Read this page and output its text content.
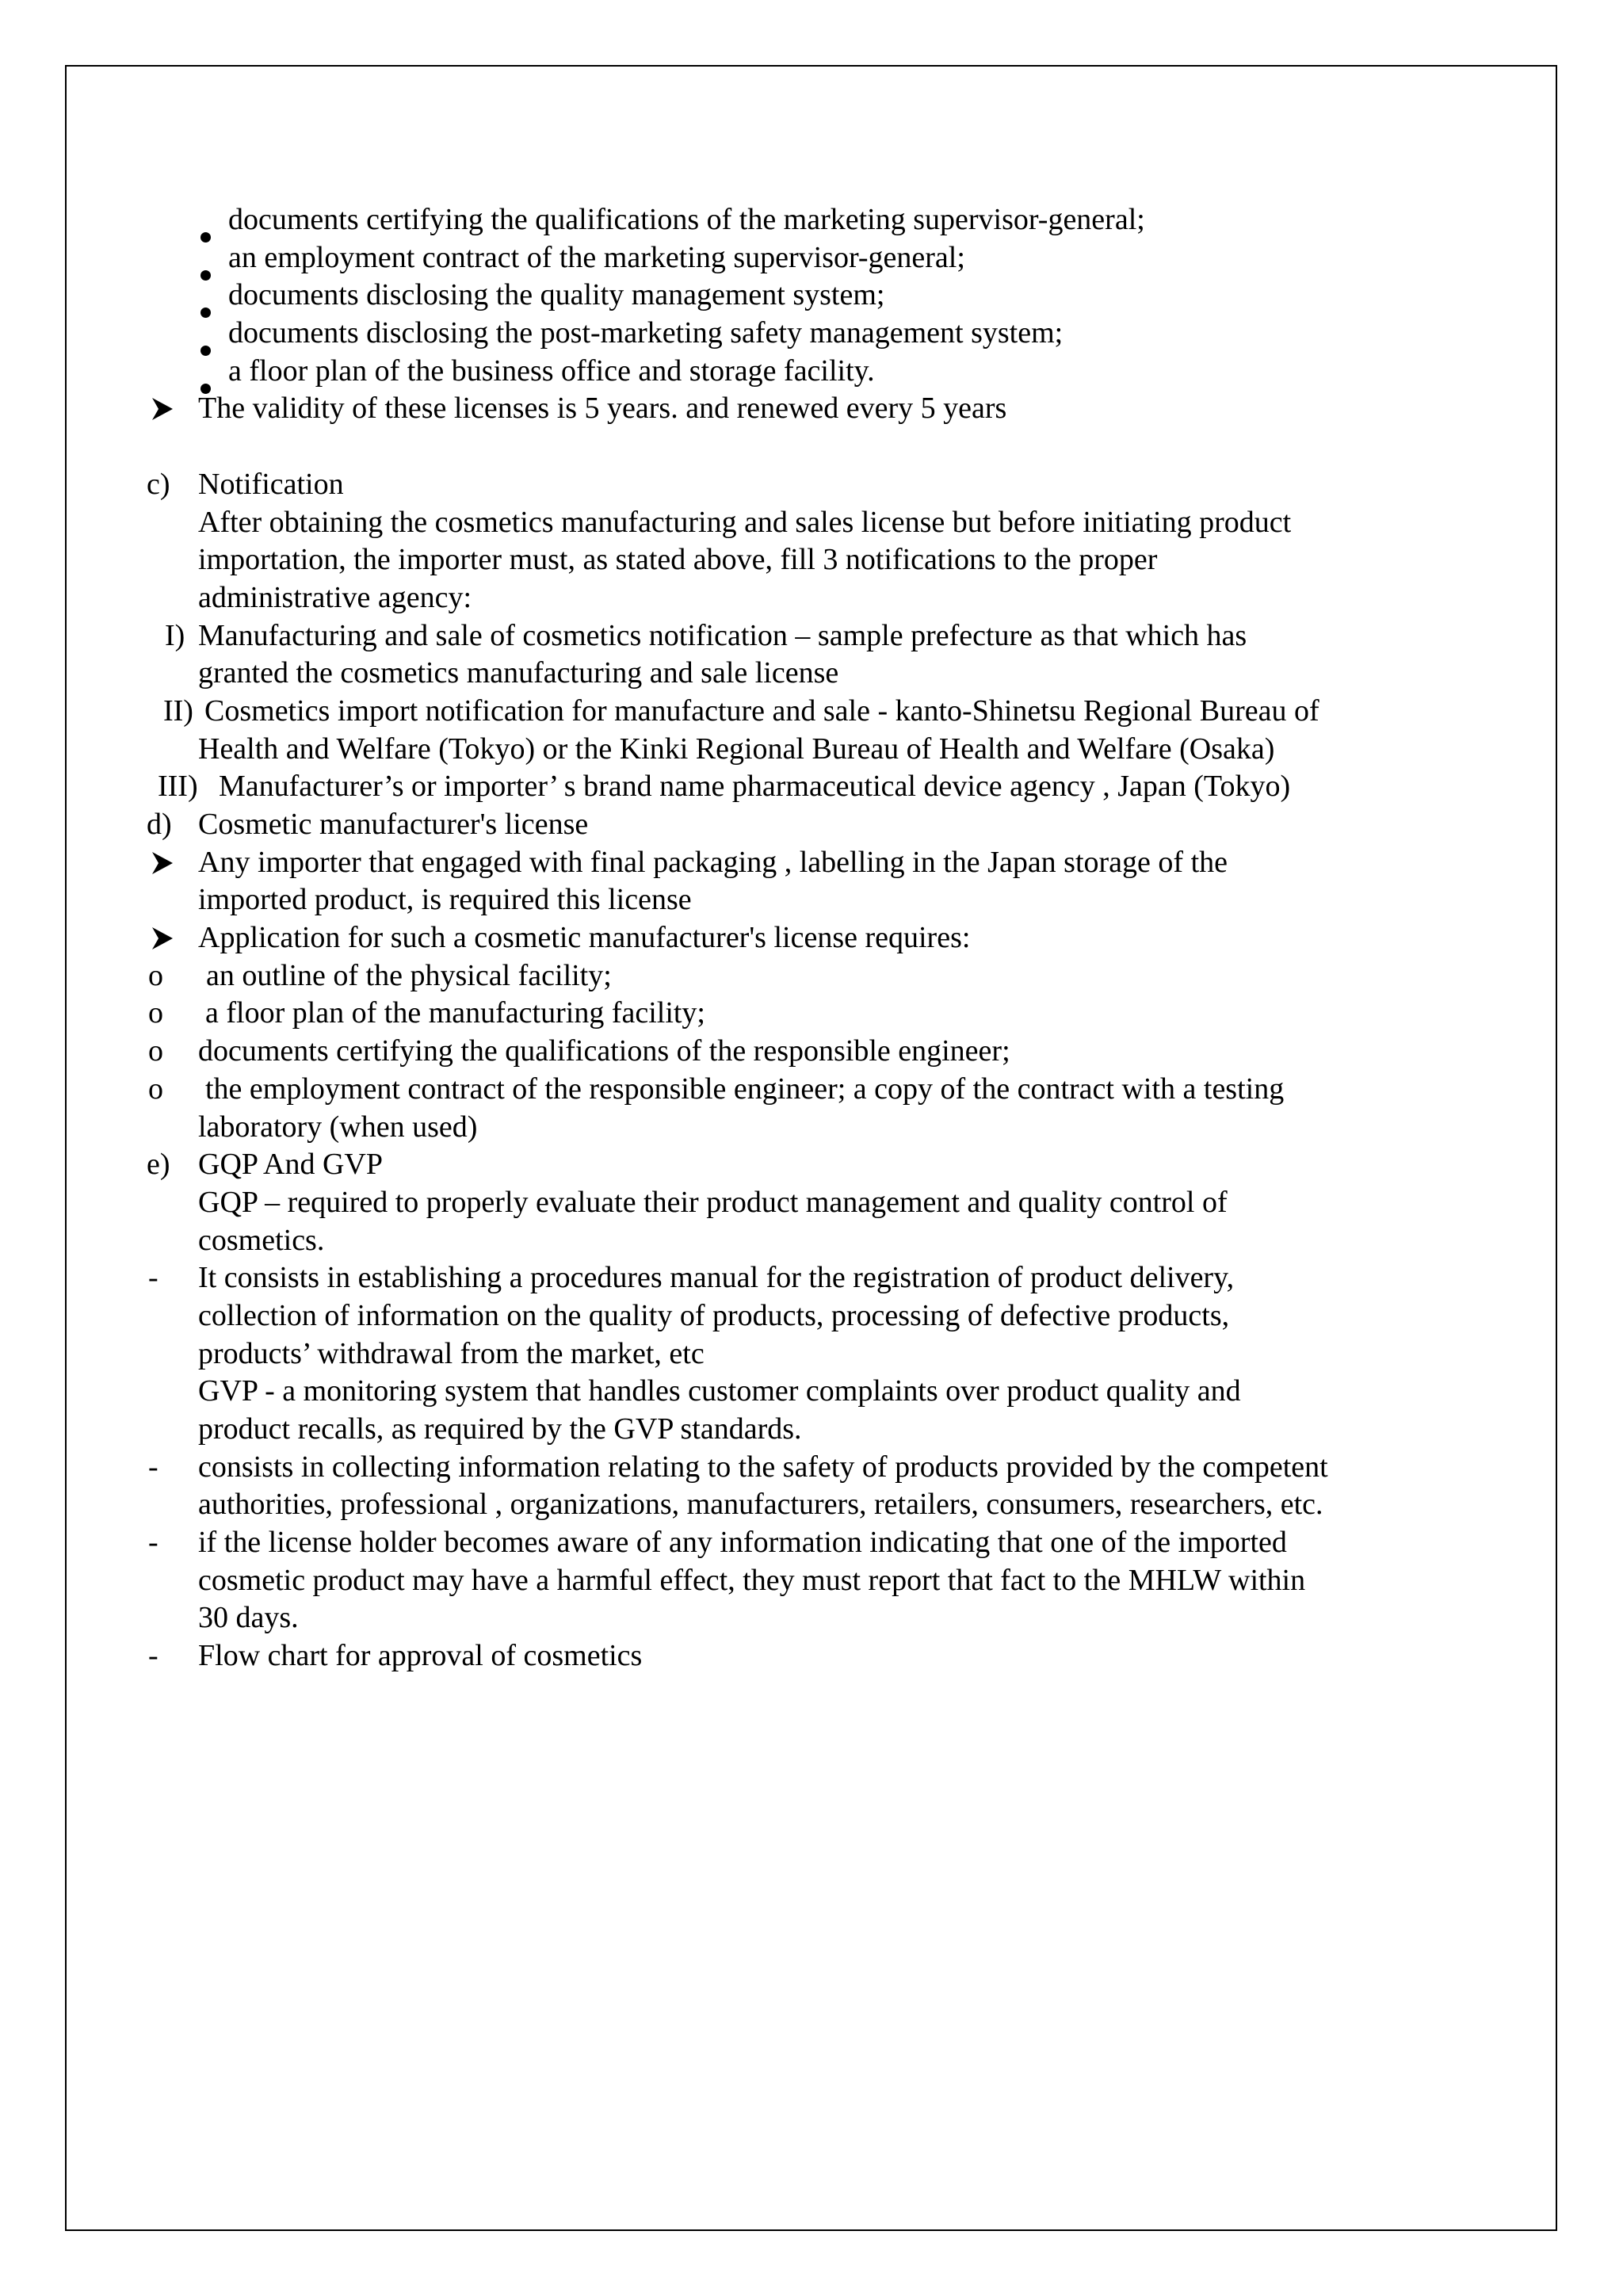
documents certifying the qualifications of the marketing supervisor-general;
an employment contract of the marketing supervisor-general;
documents disclosing the quality management system;
documents disclosing the post-marketing safety management system;
a floor plan of the business office and storage facility.
The validity of these licenses is 5 years. and renewed every 5 years
c) Notification
After obtaining the cosmetics manufacturing and sales license but before initiating product
importation, the importer must, as stated above, fill 3 notifications to the proper
administrative agency:
I) Manufacturing and sale of cosmetics notification – sample prefecture as that which has
granted the cosmetics manufacturing and sale license
II) Cosmetics import notification for manufacture and sale - kanto-Shinetsu Regional Bureau of
Health and Welfare (Tokyo) or the Kinki Regional Bureau of Health and Welfare (Osaka)
III) Manufacturer’s or importer’ s brand name pharmaceutical device agency , Japan (Tokyo)
d) Cosmetic manufacturer's license
Any importer that engaged with final packaging , labelling in the Japan storage of the
imported product, is required this license
Application for such a cosmetic manufacturer's license requires:
o an outline of the physical facility;
o a floor plan of the manufacturing facility;
o documents certifying the qualifications of the responsible engineer;
o the employment contract of the responsible engineer; a copy of the contract with a testing
laboratory (when used)
e) GQP And GVP
GQP – required to properly evaluate their product management and quality control of
cosmetics.
- It consists in establishing a procedures manual for the registration of product delivery,
collection of information on the quality of products, processing of defective products,
products’ withdrawal from the market, etc
GVP - a monitoring system that handles customer complaints over product quality and
product recalls, as required by the GVP standards.
- consists in collecting information relating to the safety of products provided by the competent
authorities, professional , organizations, manufacturers, retailers, consumers, researchers, etc.
- if the license holder becomes aware of any information indicating that one of the imported
cosmetic product may have a harmful effect, they must report that fact to the MHLW within
30 days.
- Flow chart for approval of cosmetics
